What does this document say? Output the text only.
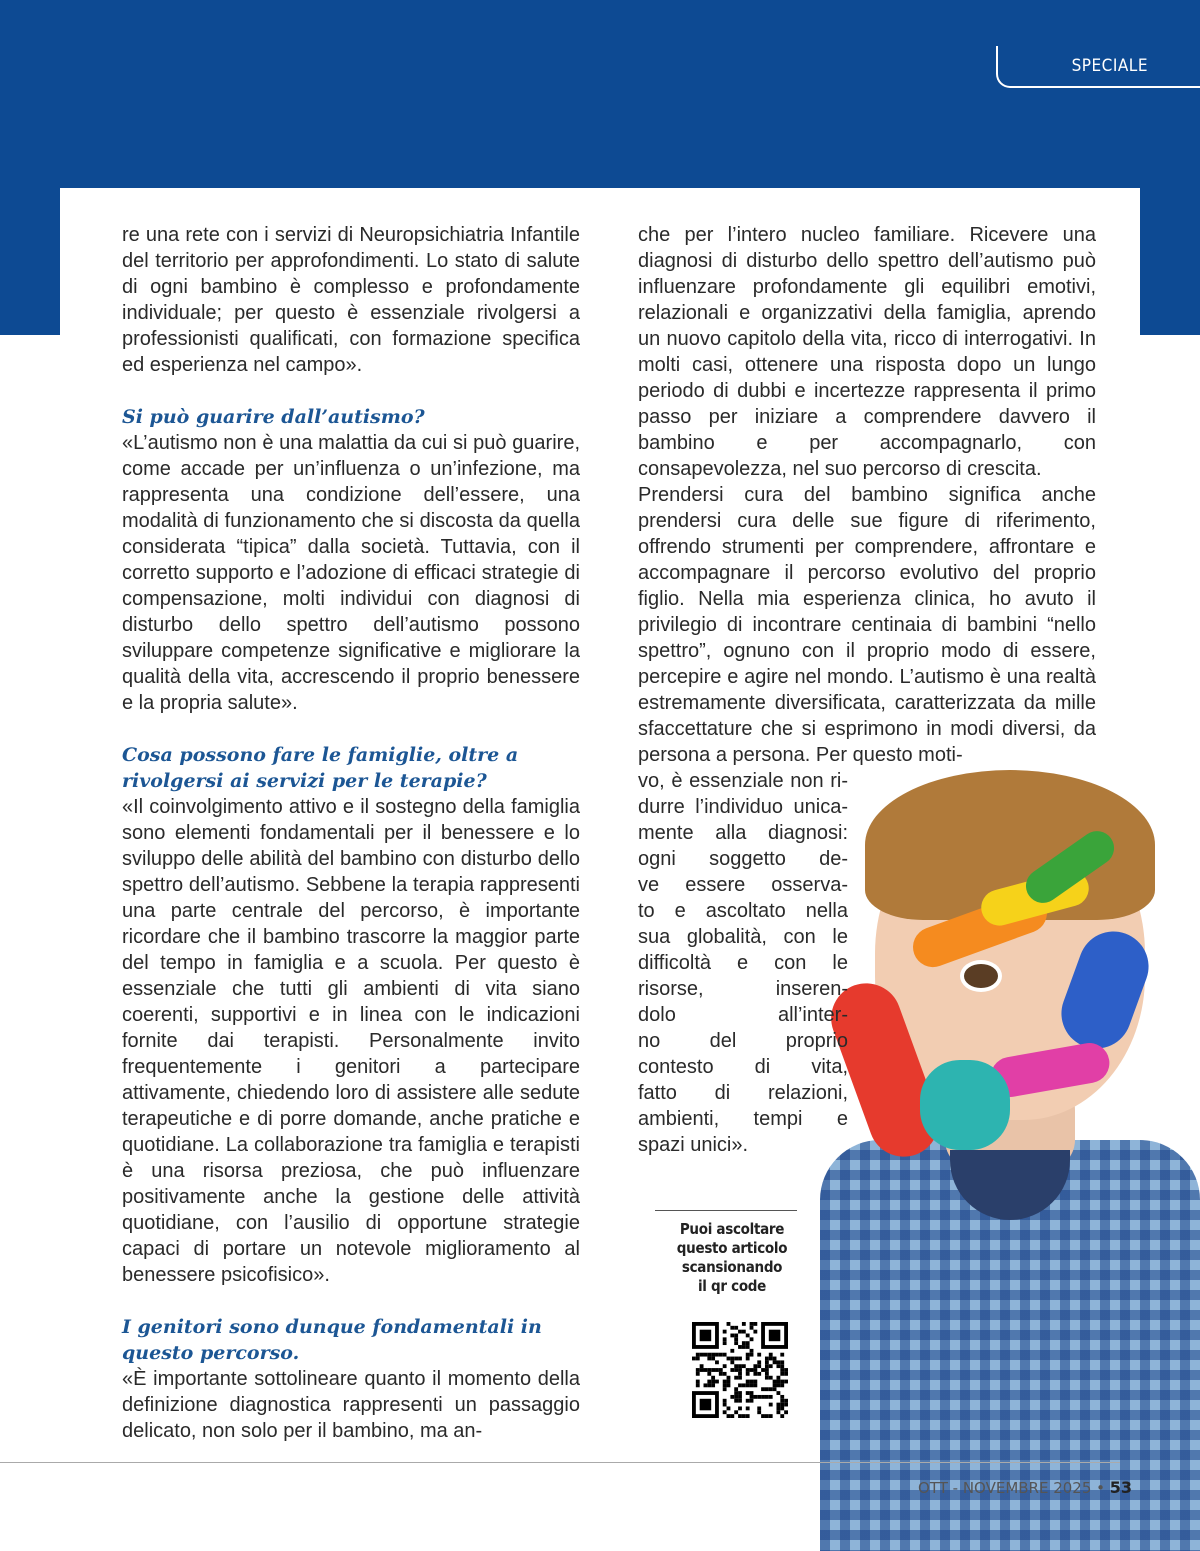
SPECIALE

re una rete con i servizi di Neuropsichiatria Infantile del territorio per approfondimenti. Lo stato di salute di ogni bambino è complesso e profondamente individuale; per questo è essenziale rivolgersi a professionisti qualificati, con formazione specifica ed esperienza nel campo».

Si può guarire dall’autismo?

«L’autismo non è una malattia da cui si può guarire, come accade per un’influenza o un’infezione, ma rappresenta una condizione dell’essere, una modalità di funzionamento che si discosta da quella considerata “tipica” dalla società. Tuttavia, con il corretto supporto e l’adozione di efficaci strategie di compensazione, molti individui con diagnosi di disturbo dello spettro dell’autismo possono sviluppare competenze significative e migliorare la qualità della vita, accrescendo il proprio benessere e la propria salute».

Cosa possono fare le famiglie, oltre a rivolgersi ai servizi per le terapie?

«Il coinvolgimento attivo e il sostegno della famiglia sono elementi fondamentali per il benessere e lo sviluppo delle abilità del bambino con disturbo dello spettro dell’autismo. Sebbene la terapia rappresenti una parte centrale del percorso, è importante ricordare che il bambino trascorre la maggior parte del tempo in famiglia e a scuola. Per questo è essenziale che tutti gli ambienti di vita siano coerenti, supportivi e in linea con le indicazioni fornite dai terapisti. Personalmente invito frequentemente i genitori a partecipare attivamente, chiedendo loro di assistere alle sedute terapeutiche e di porre domande, anche pratiche e quotidiane. La collaborazione tra famiglia e terapisti è una risorsa preziosa, che può influenzare positivamente anche la gestione delle attività quotidiane, con l’ausilio di opportune strategie capaci di portare un notevole miglioramento al benessere psicofisico».

I genitori sono dunque fondamentali in questo percorso.

«È importante sottolineare quanto il momento della definizione diagnostica rappresenti un passaggio delicato, non solo per il bambino, ma an-

che per l’intero nucleo familiare. Ricevere una diagnosi di disturbo dello spettro dell’autismo può influenzare profondamente gli equilibri emotivi, relazionali e organizzativi della famiglia, aprendo un nuovo capitolo della vita, ricco di interrogativi. In molti casi, ottenere una risposta dopo un lungo periodo di dubbi e incertezze rappresenta il primo passo per iniziare a comprendere davvero il bambino e per accompagnarlo, con consapevolezza, nel suo percorso di crescita.

Prendersi cura del bambino significa anche prendersi cura delle sue figure di riferimento, offrendo strumenti per comprendere, affrontare e accompagnare il percorso evolutivo del proprio figlio. Nella mia esperienza clinica, ho avuto il privilegio di incontrare centinaia di bambini “nello spettro”, ognuno con il proprio modo di essere, percepire e agire nel mondo. L’autismo è una realtà estremamente diversificata, caratterizzata da mille sfaccettature che si esprimono in modi diversi, da persona a persona. Per questo moti-

vo, è essenziale non ri-
durre l’individuo unica-
mente alla diagnosi:
ogni soggetto de-
ve essere osserva-
to e ascoltato nella
sua globalità, con le
difficoltà e con le
risorse, inseren-
dolo all’inter-
no del proprio
contesto di vita,
fatto di relazioni,
ambienti, tempi e
spazi unici».
Puoi ascoltare
questo articolo
scansionando
il qr code
OTT - NOVEMBRE 2025 • 53
